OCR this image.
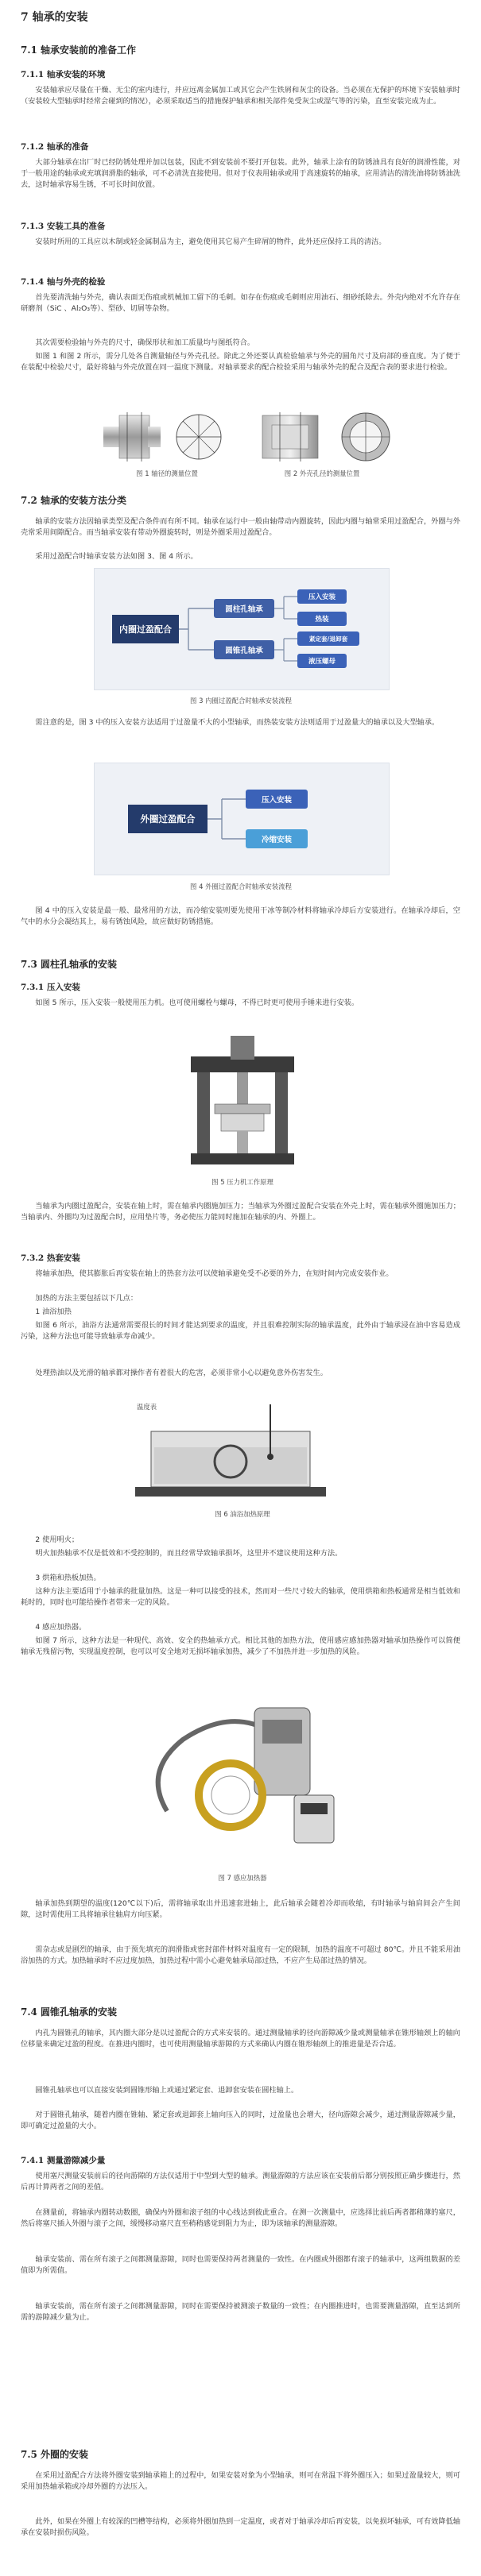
7 轴承的安装
7.1 轴承安装前的准备工作
7.1.1 轴承安装的环境
安装轴承应尽量在干燥、无尘的室内进行，并应远离金属加工或其它会产生铁屑和灰尘的设备。当必须在无保护的环境下安装轴承时（安装较大型轴承时经常会碰到的情况），必须采取适当的措施保护轴承和相关部件免受灰尘或湿气等的污染，直至安装完成为止。
7.1.2 轴承的准备
大部分轴承在出厂时已经防锈处理并加以包装，因此不到安装前不要打开包装。此外，轴承上涂有的防锈油具有良好的润滑性能，对于一般用途的轴承或充填润滑脂的轴承，可不必清洗直接使用。但对于仪表用轴承或用于高速旋转的轴承，应用清洁的清洗油将防锈油洗去，这时轴承容易生锈，不可长时间放置。
7.1.3 安装工具的准备
安装时所用的工具应以木制或轻金属制品为主，避免使用其它易产生碎屑的物件，此外还应保持工具的清洁。
7.1.4 轴与外壳的检验
首先要清洗轴与外壳，确认表面无伤痕或机械加工留下的毛刺。如存在伤痕或毛刺则应用油石、细砂纸除去。外壳内绝对不允许存在研磨剂（SiC 、Al₂O₃等）、型砂、切屑等杂物。
其次需要检验轴与外壳的尺寸，确保形状和加工质量均与图纸符合。
如图 1 和图 2 所示，需分几处各自测量轴径与外壳孔径。除此之外还要认真检验轴承与外壳的圆角尺寸及肩部的垂直度。为了便于在装配中检验尺寸，最好将轴与外壳放置在同一温度下测量。对轴承要求的配合检验采用与轴承外壳的配合及配合表的要求进行检验。
图 1 轴径的测量位置	图 2 外壳孔径的测量位置
7.2 轴承的安装方法分类
轴承的安装方法因轴承类型及配合条件而有所不同。轴承在运行中一般由轴带动内圈旋转，因此内圈与轴常采用过盈配合，外圈与外壳常采用间隙配合。而当轴承安装有带动外圈旋转时，则是外圈采用过盈配合。
采用过盈配合时轴承安装方法如图 3、图 4 所示。
内圈过盈配合
圆柱孔轴承
圆锥孔轴承
压入安装
热装
紧定套/退卸套
液压螺母
图 3 内圈过盈配合时轴承安装流程
需注意的是，图 3 中的压入安装方法适用于过盈量不大的小型轴承，而热装安装方法则适用于过盈量大的轴承以及大型轴承。
外圈过盈配合
压入安装
冷缩安装
图 4 外圈过盈配合时轴承安装流程
图 4 中的压入安装是最一般、最常用的方法，而冷缩安装则要先使用干冰等制冷材料将轴承冷却后方安装进行。在轴承冷却后，空气中的水分会凝结其上，易有锈蚀风险，故应做好防锈措施。
7.3 圆柱孔轴承的安装
7.3.1 压入安装
如图 5 所示，压入安装一般使用压力机。也可使用螺栓与螺母，不得已时更可使用手锤来进行安装。
图 5 压力机工作原理
当轴承为内圈过盈配合，安装在轴上时，需在轴承内圈施加压力；当轴承为外圈过盈配合安装在外壳上时，需在轴承外圈施加压力；当轴承内、外圈均为过盈配合时，应用垫片等，务必使压力能同时施加在轴承的内、外圈上。
7.3.2 热套安装
将轴承加热，使其膨胀后再安装在轴上的热套方法可以使轴承避免受不必要的外力，在短时间内完成安装作业。
加热的方法主要包括以下几点：
1 油浴加热
如图 6 所示，油浴方法通常需要很长的时间才能达到要求的温度，并且很难控制实际的轴承温度，此外由于轴承浸在油中容易造成污染，这种方法也可能导致轴承寿命减少。
处理热油以及光滑的轴承都对操作者有着很大的危害，必须非常小心以避免意外伤害发生。
温度表
图 6 油浴加热原理
2 使用明火；
明火加热轴承不仅是低效和不受控制的，而且经常导致轴承损坏，这里并不建议使用这种方法。
3 烘箱和热板加热。
这种方法主要适用于小轴承的批量加热。这是一种可以接受的技术，然而对一些尺寸较大的轴承，使用烘箱和热板通常是相当低效和耗时的，同时也可能给操作者带来一定的风险。
4 感应加热器。
如图 7 所示，这种方法是一种现代、高效、安全的热轴承方式。相比其他的加热方法，使用感应感加热器对轴承加热操作可以简便轴承无残留污物，实现温度控制，也可以可安全地对无损坏轴承加热，减少了不加热并进一步加热的风险。
图 7 感应加热器
轴承加热到期望的温度(120℃以下)后，需将轴承取出并迅速套进轴上，此后轴承会随着冷却而收缩，有时轴承与轴肩间会产生间隙，这时需使用工具将轴承往轴肩方向压紧。
需杂志或是剧烈的轴承，由于预先填充的润滑脂或密封部件材料对温度有一定的限制，加热的温度不可超过 80℃。并且不能采用油浴加热的方式。加热轴承时不应过度加热，加热过程中需小心避免轴承局部过热，不应产生局部过热的情况。
7.4 圆锥孔轴承的安装
内孔为圆锥孔的轴承，其内圈大部分是以过盈配合的方式来安装的。通过测量轴承的径向游隙减少量或测量轴承在锥形轴颈上的轴向位移量来确定过盈的程度。在推进内圈时，也可使用测量轴承游隙的方式来确认内圈在锥形轴颈上的推进量是否合适。
圆锥孔轴承也可以直接安装到圆锥形轴上或通过紧定套、退卸套安装在圆柱轴上。
对于圆锥孔轴承，随着内圈在锥轴、紧定套或退卸套上轴向压入的同时，过盈量也会增大，径向游隙会减少，通过测量游隙减少量，即可确定过盈量的大小。
7.4.1 测量游隙减少量
使用塞尺测量安装前后的径向游隙的方法仅适用于中型到大型的轴承。测量游隙的方法应该在安装前后都分别按照正确步骤进行，然后再计算两者之间的差值。
在测量前，将轴承内圈转动数圈，确保内外圈和滚子组的中心线达到彼此重合。在测一次测量中，应选择比前后两者都稍薄的塞尺，然后将塞尺插入外圈与滚子之间，缓慢移动塞尺直至稍稍感觉到阻力为止，即为该轴承的测量游隙。
轴承安装前、需在所有滚子之间都测量游隙，同时也需要保持两者测量的一致性。在内圈或外圈都有滚子的轴承中，这两组数据的差值即为所需值。
轴承安装前，需在所有滚子之间都测量游隙，同时在需要保持被测滚子数量的一致性；在内圈推进时，也需要测量游隙，直至达到所需的游隙减少量为止。
7.5 外圈的安装
在采用过盈配合方法将外圈安装到轴承箱上的过程中，如果安装对象为小型轴承，则可在常温下将外圈压入；如果过盈量较大，则可采用加热轴承箱或冷却外圈的方法压入。
此外，如果在外圈上有较深的凹槽等结构，必须将外圈加热到一定温度，或者对于轴承冷却后再安装，以免损坏轴承，可有效降低轴承在安装时损伤风险。
